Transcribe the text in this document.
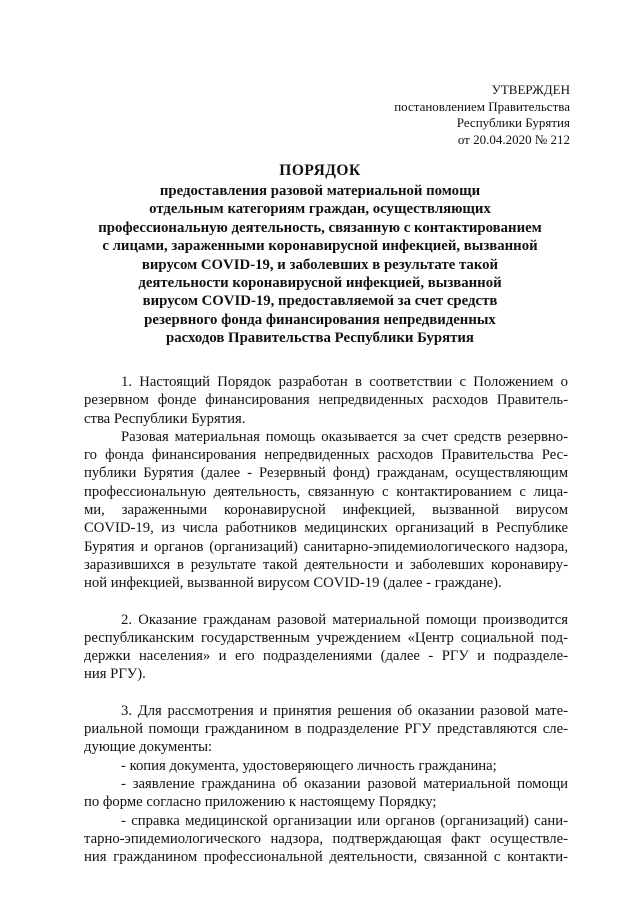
УТВЕРЖДЕН
постановлением Правительства
Республики Бурятия
от 20.04.2020 № 212
ПОРЯДОК
предоставления разовой материальной помощи
отдельным категориям граждан, осуществляющих
профессиональную деятельность, связанную с контактированием
с лицами, зараженными коронавирусной инфекцией, вызванной
вирусом COVID-19, и заболевших в результате такой
деятельности коронавирусной инфекцией, вызванной
вирусом COVID-19, предоставляемой за счет средств
резервного фонда финансирования непредвиденных
расходов Правительства Республики Бурятия
1. Настоящий Порядок разработан в соответствии с Положением о
резервном фонде финансирования непредвиденных расходов Правитель-
ства Республики Бурятия.
Разовая материальная помощь оказывается за счет средств резервно-
го фонда финансирования непредвиденных расходов Правительства Рес-
публики Бурятия (далее - Резервный фонд) гражданам, осуществляющим
профессиональную деятельность, связанную с контактированием с лица-
ми, зараженными коронавирусной инфекцией, вызванной вирусом
COVID-19, из числа работников медицинских организаций в Республике
Бурятия и органов (организаций) санитарно-эпидемиологического надзора,
заразившихся в результате такой деятельности и заболевших коронавиру-
ной инфекцией, вызванной вирусом COVID-19 (далее - граждане).
2. Оказание гражданам разовой материальной помощи производится
республиканским государственным учреждением «Центр социальной под-
держки населения» и его подразделениями (далее - РГУ и подразделе-
ния РГУ).
3. Для рассмотрения и принятия решения об оказании разовой мате-
риальной помощи гражданином в подразделение РГУ представляются сле-
дующие документы:
- копия документа, удостоверяющего личность гражданина;
- заявление гражданина об оказании разовой материальной помощи
по форме согласно приложению к настоящему Порядку;
- справка медицинской организации или органов (организаций) сани-
тарно-эпидемиологического надзора, подтверждающая факт осуществле-
ния гражданином профессиональной деятельности, связанной с контакти-
